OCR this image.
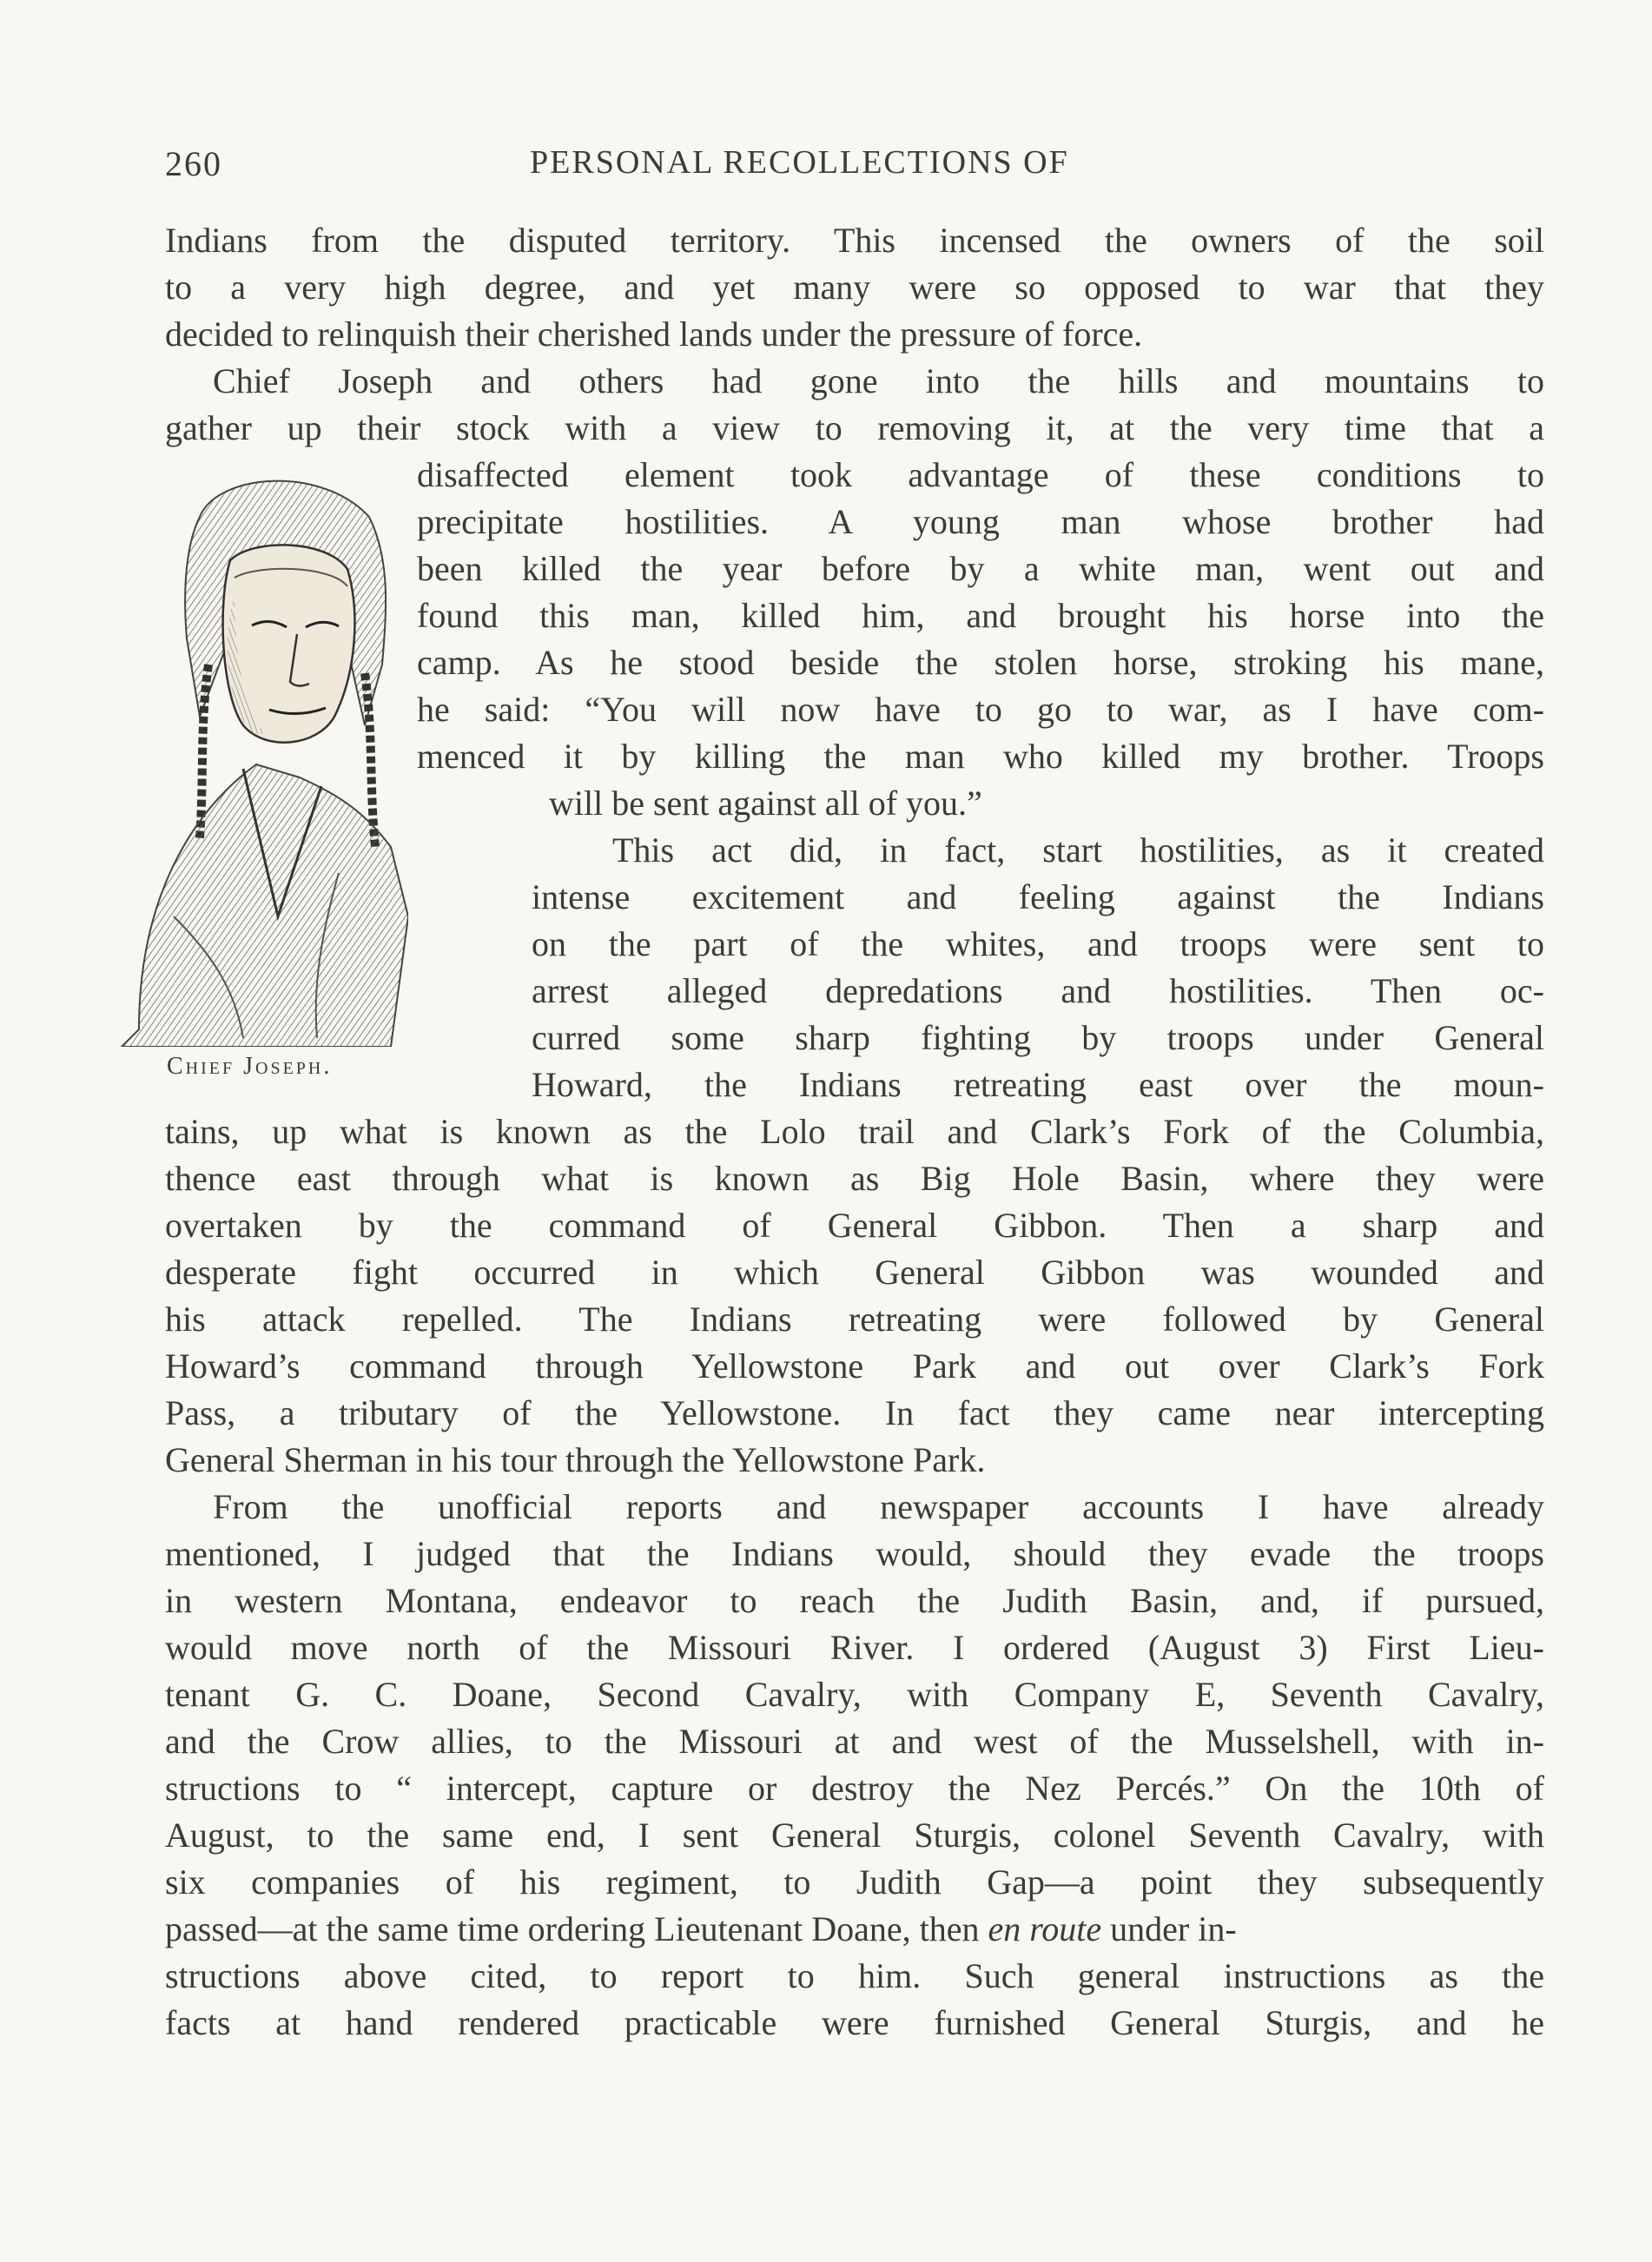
260	PERSONAL RECOLLECTIONS OF
Chief Joseph.
Indians from the disputed territory. This incensed the owners of the soil
to a very high degree, and yet many were so opposed to war that they
decided to relinquish their cherished lands under the pressure of force.
Chief Joseph and others had gone into the hills and mountains to
gather up their stock with a view to removing it, at the very time that a
disaffected element took advantage of these conditions to
precipitate hostilities. A young man whose brother had
been killed the year before by a white man, went out and
found this man, killed him, and brought his horse into the
camp. As he stood beside the stolen horse, stroking his mane,
he said: “You will now have to go to war, as I have com-
menced it by killing the man who killed my brother. Troops
will be sent against all of you.”
This act did, in fact, start hostilities, as it created
intense excitement and feeling against the Indians
on the part of the whites, and troops were sent to
arrest alleged depredations and hostilities. Then oc-
curred some sharp fighting by troops under General
Howard, the Indians retreating east over the moun-
tains, up what is known as the Lolo trail and Clark’s Fork of the Columbia,
thence east through what is known as Big Hole Basin, where they were
overtaken by the command of General Gibbon. Then a sharp and
desperate fight occurred in which General Gibbon was wounded and
his attack repelled. The Indians retreating were followed by General
Howard’s command through Yellowstone Park and out over Clark’s Fork
Pass, a tributary of the Yellowstone. In fact they came near intercepting
General Sherman in his tour through the Yellowstone Park.
From the unofficial reports and newspaper accounts I have already
mentioned, I judged that the Indians would, should they evade the troops
in western Montana, endeavor to reach the Judith Basin, and, if pursued,
would move north of the Missouri River. I ordered (August 3) First Lieu-
tenant G. C. Doane, Second Cavalry, with Company E, Seventh Cavalry,
and the Crow allies, to the Missouri at and west of the Musselshell, with in-
structions to “ intercept, capture or destroy the Nez Percés.” On the 10th of
August, to the same end, I sent General Sturgis, colonel Seventh Cavalry, with
six companies of his regiment, to Judith Gap—a point they subsequently
passed—at the same time ordering Lieutenant Doane, then en route under in-
structions above cited, to report to him. Such general instructions as the
facts at hand rendered practicable were furnished General Sturgis, and he
